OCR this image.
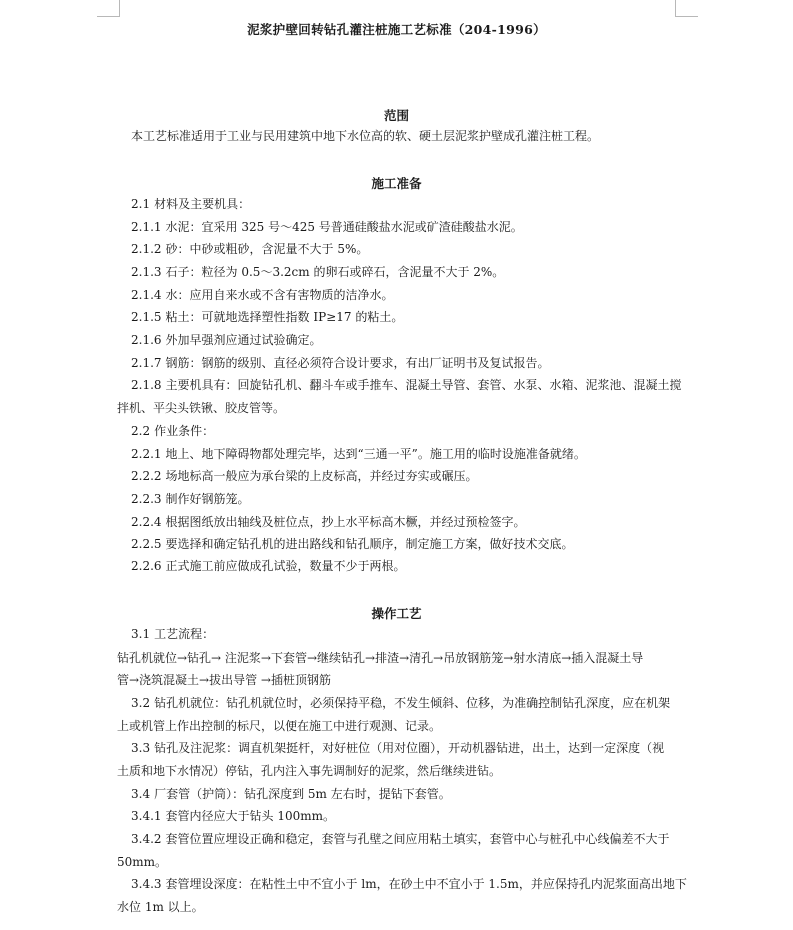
泥浆护壁回转钻孔灌注桩施工艺标准（204-1996）
范围
本工艺标准适用于工业与民用建筑中地下水位高的软、硬土层泥浆护壁成孔灌注桩工程。
施工准备
2.1 材料及主要机具：
2.1.1 水泥：宜采用 325 号～425 号普通硅酸盐水泥或矿渣硅酸盐水泥。
2.1.2 砂：中砂或粗砂，含泥量不大于 5%。
2.1.3 石子：粒径为 0.5～3.2cm 的卵石或碎石，含泥量不大于 2%。
2.1.4 水：应用自来水或不含有害物质的洁净水。
2.1.5 粘土：可就地选择塑性指数 IP≥17 的粘土。
2.1.6 外加早强剂应通过试验确定。
2.1.7 钢筋：钢筋的级别、直径必须符合设计要求，有出厂证明书及复试报告。
2.1.8 主要机具有：回旋钻孔机、翻斗车或手推车、混凝土导管、套管、水泵、水箱、泥浆池、混凝土搅
拌机、平尖头铁锹、胶皮管等。
2.2 作业条件：
2.2.1 地上、地下障碍物都处理完毕，达到“三通一平”。施工用的临时设施准备就绪。
2.2.2 场地标高一般应为承台梁的上皮标高，并经过夯实或碾压。
2.2.3 制作好钢筋笼。
2.2.4 根据图纸放出轴线及桩位点，抄上水平标高木橛，并经过预检签字。
2.2.5 要选择和确定钻孔机的进出路线和钻孔顺序，制定施工方案，做好技术交底。
2.2.6 正式施工前应做成孔试验，数量不少于两根。
操作工艺
3.1 工艺流程：
钻孔机就位→钻孔→ 注泥浆→下套管→继续钻孔→排渣→清孔→吊放钢筋笼→射水清底→插入混凝土导
管→浇筑混凝土→拔出导管 →插桩顶钢筋
3.2 钻孔机就位：钻孔机就位时，必须保持平稳，不发生倾斜、位移，为准确控制钻孔深度，应在机架
上或机管上作出控制的标尺，以便在施工中进行观测、记录。
3.3 钻孔及注泥浆：调直机架挺杆，对好桩位（用对位圈），开动机器钻进，出土，达到一定深度（视
土质和地下水情况）停钻，孔内注入事先调制好的泥浆，然后继续进钻。
3.4 厂套管（护筒）：钻孔深度到 5m 左右时，提钻下套管。
3.4.1 套管内径应大于钻头 100mm。
3.4.2 套管位置应埋设正确和稳定，套管与孔壁之间应用粘土填实，套管中心与桩孔中心线偏差不大于
50mm。
3.4.3 套管埋设深度：在粘性土中不宜小于 lm，在砂土中不宜小于 1.5m，并应保持孔内泥浆面高出地下
水位 1m 以上。
